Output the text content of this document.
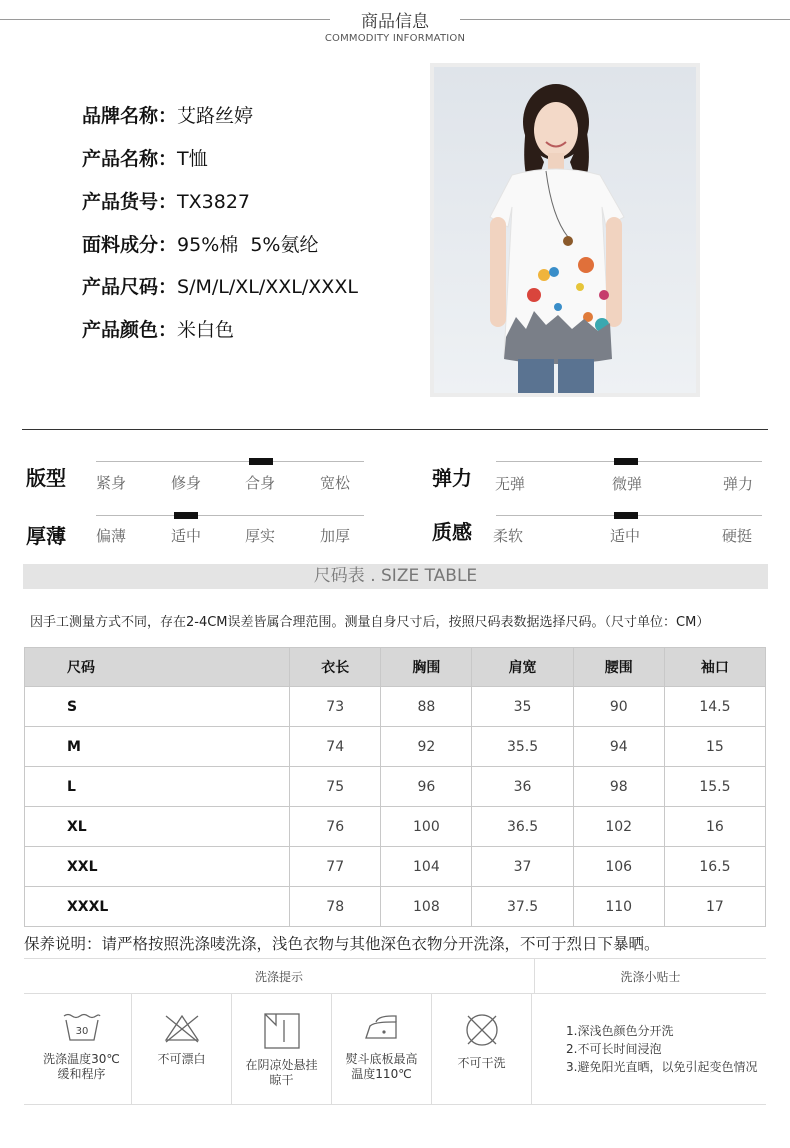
商品信息
COMMODITY INFORMATION
品牌名称：艾路丝婷
产品名称：T恤
产品货号：TX3827
面料成分：95%棉  5%氨纶
产品尺码：S/M/L/XL/XXL/XXXL
产品颜色：米白色
版型 紧身	修身	合身	宽松	弹力 无弹	微弹	弹力
厚薄 偏薄	适中	厚实	加厚	质感 柔软	适中	硬挺
尺码表 . SIZE TABLE
因手工测量方式不同，存在2-4CM误差皆属合理范围。测量自身尺寸后，按照尺码表数据选择尺码。（尺寸单位：CM）
尺码	衣长	胸围	肩宽	腰围	袖口
S	73	88	35	90	14.5
M	74	92	35.5	94	15
L	75	96	36	98	15.5
XL	76	100	36.5	102	16
XXL	77	104	37	106	16.5
XXXL	78	108	37.5	110	17
保养说明：请严格按照洗涤唛洗涤，浅色衣物与其他深色衣物分开洗涤，不可于烈日下暴晒。
洗涤提示	洗涤小贴士
30
洗涤温度30℃
缓和程序
不可漂白	在阴凉处悬挂
晾干
熨斗底板最高
温度110℃
不可干洗
1.深浅色颜色分开洗
2.不可长时间浸泡
3.避免阳光直晒，以免引起变色情况
